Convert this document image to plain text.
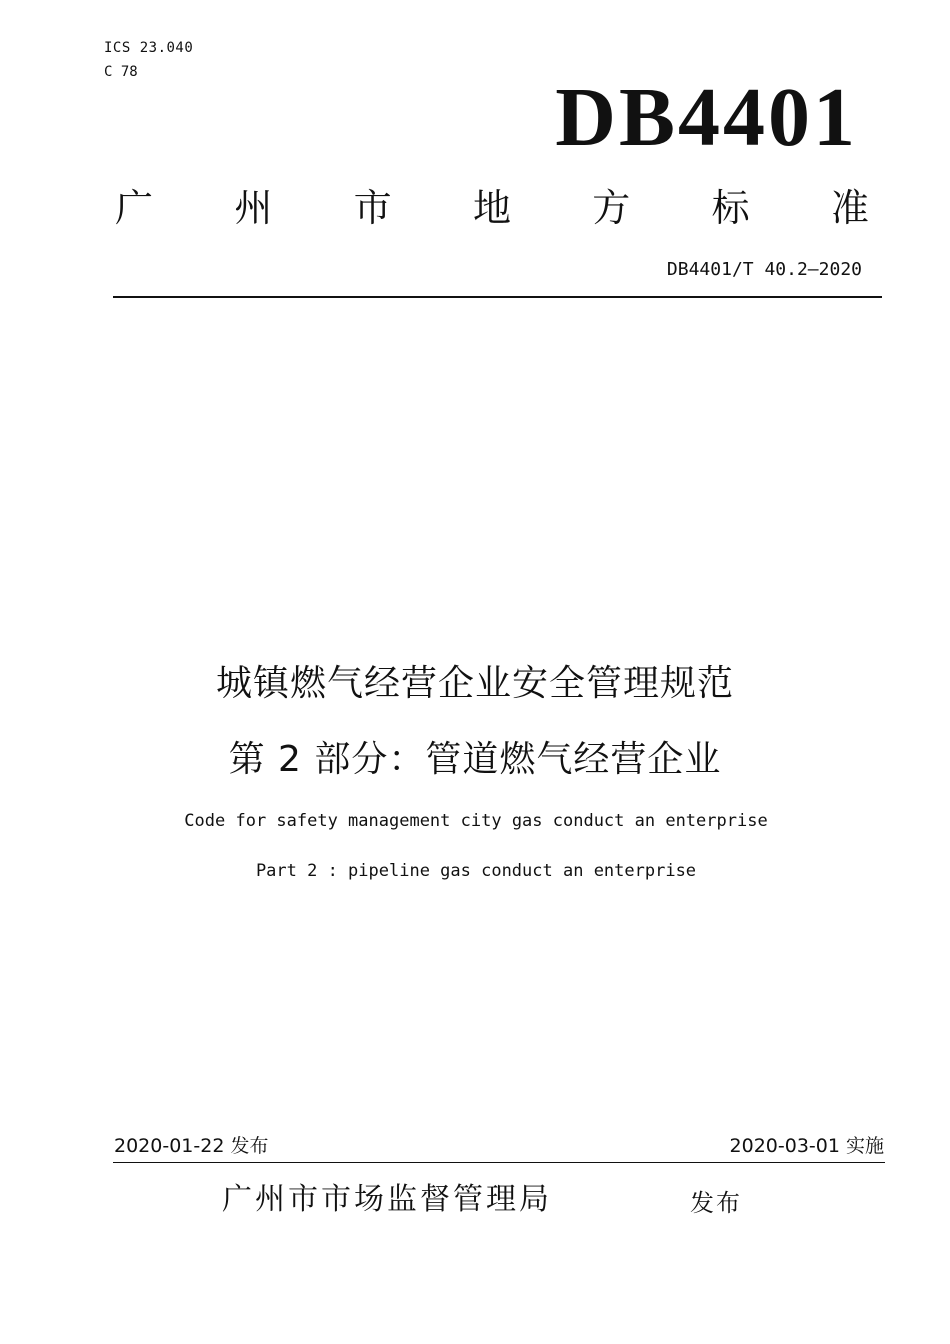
ICS 23.040
C 78	DB4401
广 州 市 地 方 标 准
DB4401/T 40.2—2020
城镇燃气经营企业安全管理规范
第 2 部分：管道燃气经营企业
Code for safety management city gas conduct an enterprise
Part 2 : pipeline gas conduct an enterprise
2020-01-22 发布	2020-03-01 实施
广州市市场监督管理局	发布
